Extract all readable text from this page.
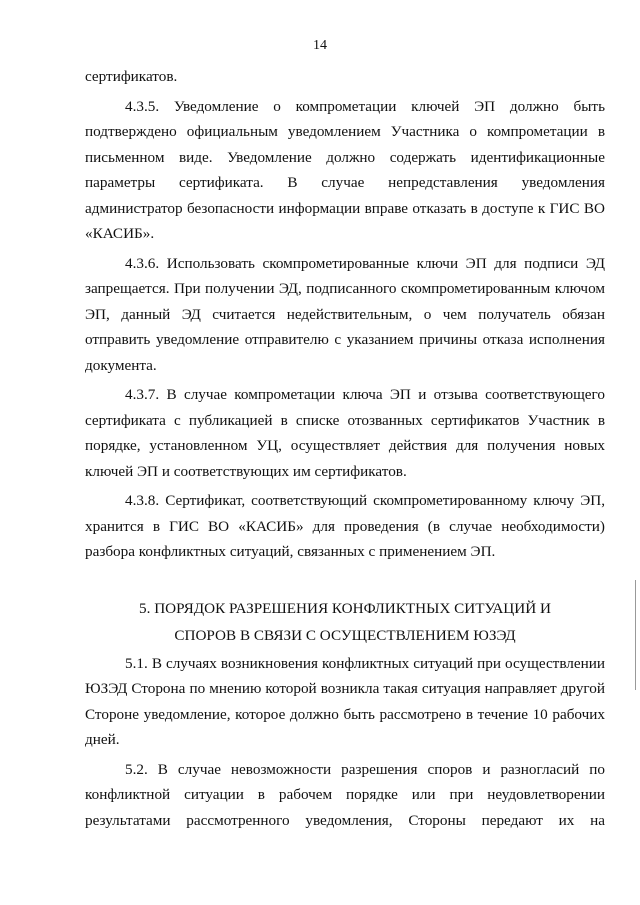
14

сертификатов.

4.3.5. Уведомление о компрометации ключей ЭП должно быть подтверждено официальным уведомлением Участника о компрометации в письменном виде. Уведомление должно содержать идентификационные параметры сертификата. В случае непредставления уведомления администратор безопасности информации вправе отказать в доступе к ГИС ВО «КАСИБ».

4.3.6. Использовать скомпрометированные ключи ЭП для подписи ЭД запрещается. При получении ЭД, подписанного скомпрометированным ключом ЭП, данный ЭД считается недействительным, о чем получатель обязан отправить уведомление отправителю с указанием причины отказа исполнения документа.

4.3.7. В случае компрометации ключа ЭП и отзыва соответствующего сертификата с публикацией в списке отозванных сертификатов Участник в порядке, установленном УЦ, осуществляет действия для получения новых ключей ЭП и соответствующих им сертификатов.

4.3.8. Сертификат, соответствующий скомпрометированному ключу ЭП, хранится в ГИС ВО «КАСИБ» для проведения (в случае необходимости) разбора конфликтных ситуаций, связанных с применением ЭП.

5. ПОРЯДОК РАЗРЕШЕНИЯ КОНФЛИКТНЫХ СИТУАЦИЙ И
СПОРОВ В СВЯЗИ С ОСУЩЕСТВЛЕНИЕМ ЮЗЭД

5.1. В случаях возникновения конфликтных ситуаций при осуществлении ЮЗЭД Сторона по мнению которой возникла такая ситуация направляет другой Стороне уведомление, которое должно быть рассмотрено в течение 10 рабочих дней.

5.2. В случае невозможности разрешения споров и разногласий по конфликтной ситуации в рабочем порядке или при неудовлетворении результатами рассмотренного уведомления, Стороны передают их на
